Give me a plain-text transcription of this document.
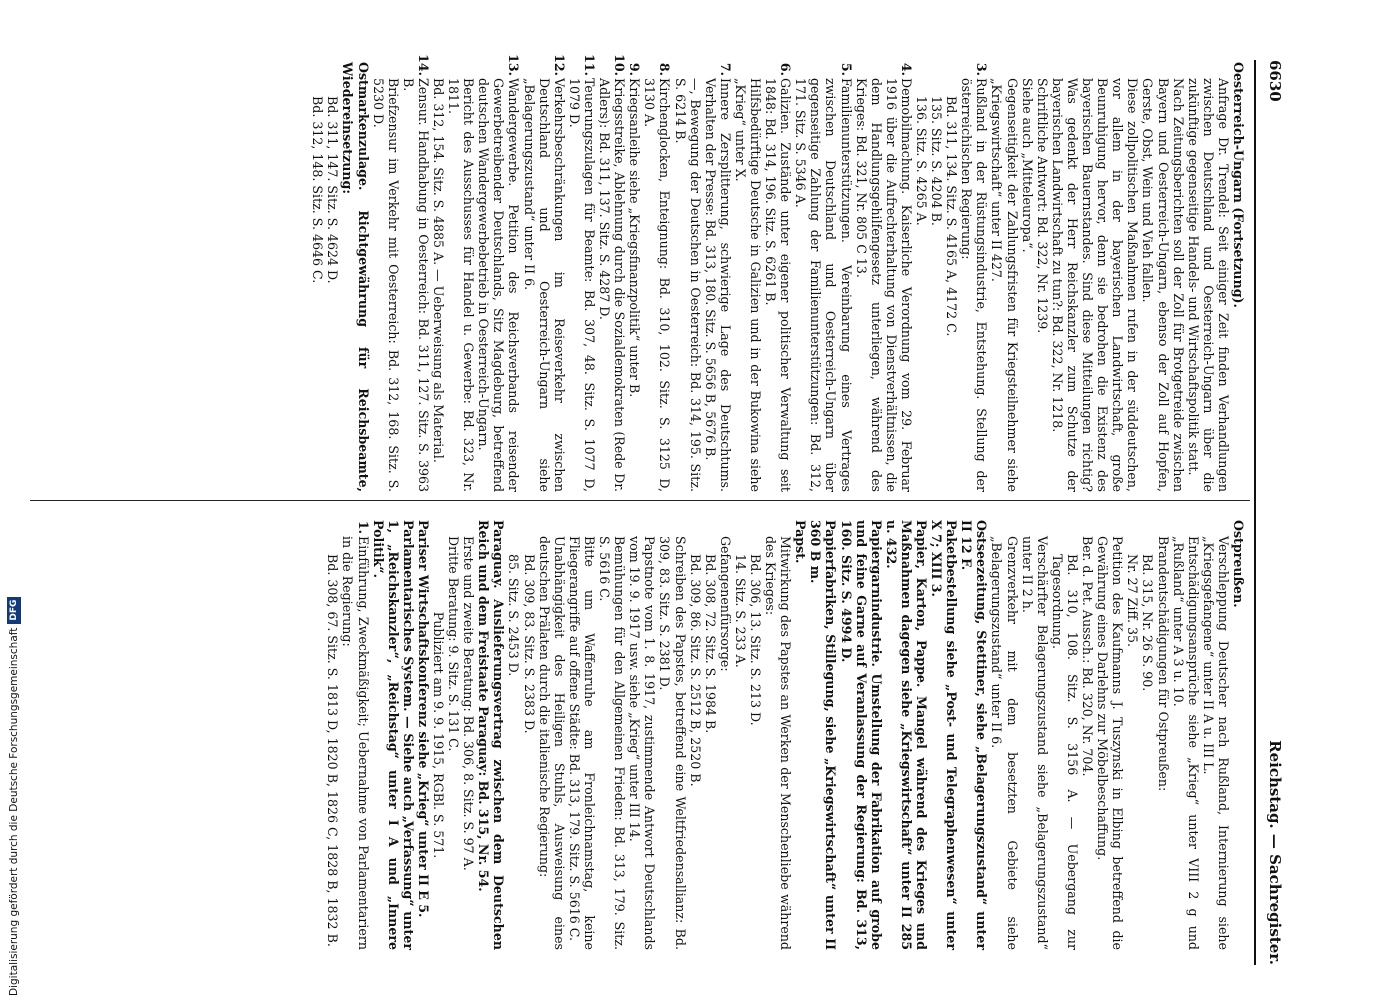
6630
Reichstag. — Sachregister.

Oesterreich-Ungarn (Fortsetzung).

Anfrage Dr. Trendel: Seit einiger Zeit finden Verhandlungen zwischen Deutschland und Oesterreich-Ungarn über die zukünftige gegenseitige Handels- und Wirtschaftspolitik statt.

Nach Zeitungsberichten soll der Zoll für Brotgetreide zwischen Bayern und Oesterreich-Ungarn, ebenso der Zoll auf Hopfen, Gerste, Obst, Wein und Vieh fallen.

Diese zollpolitischen Maßnahmen rufen in der süddeutschen, vor allem in der bayerischen Landwirtschaft, große Beunruhigung hervor, denn sie bedrohen die Existenz des bayerischen Bauernstandes. Sind diese Mitteilungen richtig? Was gedenkt der Herr Reichskanzler zum Schutze der bayerischen Landwirtschaft zu tun?: Bd. 322, Nr. 1218.

Schriftliche Antwort: Bd. 322, Nr. 1239.

Siehe auch „Mitteleuropa“.

Gegenseitigkeit der Zahlungsfristen für Kriegsteilnehmer siehe „Kriegswirtschaft“ unter II 427.

3.
Rußland in der Rüstungsindustrie, Entstehung. Stellung der österreichischen Regierung:

Bd. 311, 134. Sitz. S. 4165 A, 4172 C.

135. Sitz. S. 4204 B.

136. Sitz. S. 4265 A.

4.
Demobilmachung. Kaiserliche Verordnung vom 29. Februar 1916 über die Aufrechterhaltung von Dienstverhältnissen, die dem Handlungsgehilfengesetz unterliegen, während des Krieges: Bd. 321, Nr. 805 C 13.

5.
Familienunterstützungen. Vereinbarung eines Vertrages zwischen Deutschland und Oesterreich-Ungarn über gegenseitige Zahlung der Familienunterstützungen: Bd. 312, 171. Sitz. S. 5346 A.

6.
Galizien. Zustände unter eigener politischer Verwaltung seit 1848: Bd. 314, 196. Sitz. S. 6261 B.

Hilfsbedürftige Deutsche in Galizien und in der Bukowina siehe „Krieg“ unter X.

7.
Innere Zersplitterung, schwierige Lage des Deutschtums. Verhalten der Presse: Bd. 313, 180. Sitz. S. 5656 B, 5676 B.

—, Bewegung der Deutschen in Oesterreich: Bd. 314, 195. Sitz. S. 6214 B.

8.
Kirchenglocken, Enteignung: Bd. 310, 102. Sitz. S. 3125 D, 3130 A.

9.
Kriegsanleihe siehe „Kriegsfinanzpolitik“ unter B.

10.
Kriegsstreike, Ablehnung durch die Sozialdemokraten (Rede Dr. Adlers): Bd. 311, 137. Sitz. S. 4287 D.

11.
Teuerungszulagen für Beamte: Bd. 307, 48. Sitz. S. 1077 D, 1079 D.

12.
Verkehrsbeschränkungen im Reiseverkehr zwischen Deutschland und Oesterreich-Ungarn siehe „Belagerungszustand“ unter II 6.

13.
Wandergewerbe. Petition des Reichsverbands reisender Gewerbetreibender Deutschlands, Sitz Magdeburg, betreffend deutschen Wandergewerbebetrieb in Oesterreich-Ungarn.

Bericht des Ausschusses für Handel u. Gewerbe: Bd. 323, Nr. 1811.

Bd. 312, 154. Sitz. S. 4885 A. — Ueberweisung als Material.

14.
Zensur. Handhabung in Oesterreich: Bd. 311, 127. Sitz. S. 3963 B.

Briefzensur im Verkehr mit Oesterreich: Bd. 312, 168. Sitz. S. 5230 D.

Ostmarkenzulage. Richtgewährung für Reichsbeamte, Wiedereinsetzung:

Bd. 311, 147. Sitz. S. 4624 D.

Bd. 312, 148. Sitz. S. 4646 C.

Ostpreußen.

Verschleppung Deutscher nach Rußland, Internierung siehe „Kriegsgefangene“ unter II A u. III L.

Entschädigungsansprüche siehe „Krieg“ unter VIII 2 g und „Rußland“ unter A 3 u. 10.

Brandentschädigungen für Ostpreußen:

Bd. 315, Nr. 26 S. 90.

Nr. 27 Ziff. 35.

Petition des Kaufmanns J. Tuszynski in Elbing betreffend die Gewährung eines Darlehns zur Möbelbeschaffung.

Ber. d. Pet. Aussch.: Bd. 320, Nr. 704.

Bd. 310, 108. Sitz. S. 3156 A. — Uebergang zur Tagesordnung.

Verschärfter Belagerungszustand siehe „Belagerungszustand“ unter II 2 h.

Grenzverkehr mit dem besetzten Gebiete siehe „Belagerungszustand“ unter II 6.

Ostseezeitung, Stettiner, siehe „Belagerungszustand“ unter II 12 F.

Paketbestellung siehe „Post- und Telegraphenwesen“ unter X 7; XIII 3.

Papier, Karton, Pappe. Mangel während des Krieges und Maßnahmen dagegen siehe „Kriegswirtschaft“ unter II 285 u. 432.

Papiergarnindustrie. Umstellung der Fabrikation auf grobe und feine Garne auf Veranlassung der Regierung: Bd. 313, 160. Sitz. S. 4994 D.

Papierfabriken, Stillegung, siehe „Kriegswirtschaft“ unter II 360 B m.

Papst.

Mitwirkung des Papstes an Werken der Menschenliebe während des Krieges:

Bd. 306, 13. Sitz. S. 213 D.

14. Sitz. S. 233 A.

Gefangenenfürsorge:

Bd. 308, 72. Sitz. S. 1984 B.

Bd. 309, 86. Sitz. S. 2512 B, 2520 B.

Schreiben des Papstes, betreffend eine Weltfriedensallianz: Bd. 309, 83. Sitz. S. 2381 D.

Papstnote vom 1. 8. 1917, zustimmende Antwort Deutschlands vom 19. 9. 1917 usw. siehe „Krieg“ unter III 14.

Bemühungen für den Allgemeinen Frieden: Bd. 313, 179. Sitz. S. 5616 C.

Bitte um Waffenruhe am Fronleichnamstag, keine Fliegerangriffe auf offene Städte: Bd. 313, 179. Sitz. S. 5616 C.

Unabhängigkeit des Heiligen Stuhls, Ausweisung eines deutschen Prälaten durch die italienische Regierung:

Bd. 309, 83. Sitz. S. 2383 D.

85. Sitz. S. 2453 D.

Paraguay. Auslieferungsvertrag zwischen dem Deutschen Reich und dem Freistaate Paraguay: Bd. 315, Nr. 54.

Erste und zweite Beratung: Bd. 306, 8. Sitz. S. 97 A.

Dritte Beratung: 9. Sitz. S. 131 C.

Publiziert am 9. 9. 1915, RGBl. S. 571.

Pariser Wirtschaftskonferenz siehe „Krieg“ unter II E 5.

Parlamentarisches System. — Siehe auch „Verfassung“ unter 1, „Reichskanzler“, „Reichstag“ unter I A und „Innere Politik“.

1.
Einführung, Zweckmäßigkeit; Uebernahme von Parlamentariern in die Regierung:

Bd. 308, 67. Sitz. S. 1813 D, 1820 B, 1826 C, 1828 B, 1832 B.

Digitalisierung gefördert durch die Deutsche Forschungsgemeinschaft
DFG
